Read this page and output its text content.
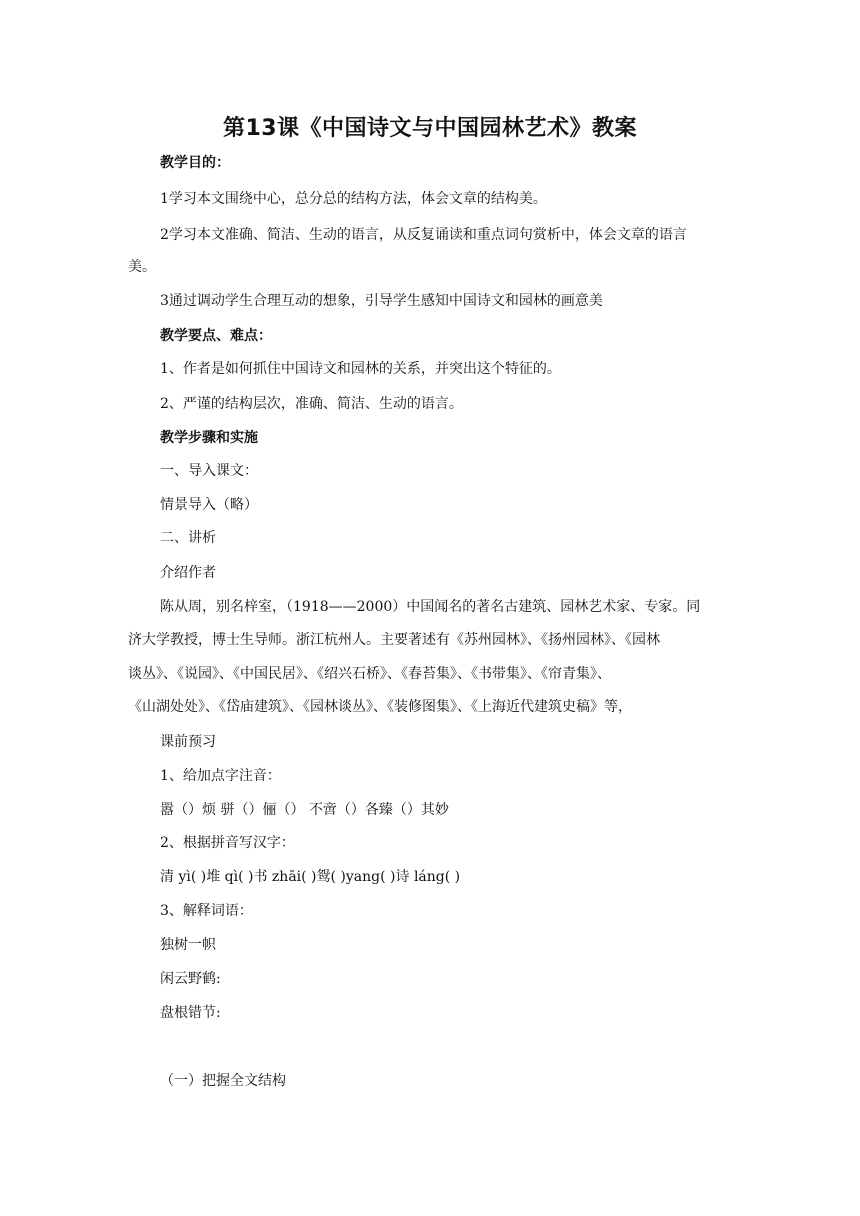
第13课《中国诗文与中国园林艺术》教案
教学目的：
1学习本文围绕中心，总分总的结构方法，体会文章的结构美。
2学习本文准确、简洁、生动的语言，从反复诵读和重点词句赏析中，体会文章的语言
美。
3通过调动学生合理互动的想象，引导学生感知中国诗文和园林的画意美
教学要点、难点：
1、作者是如何抓住中国诗文和园林的关系，并突出这个特征的。
2、严谨的结构层次，准确、简洁、生动的语言。
教学步骤和实施
一、导入课文：
情景导入（略）
二、讲析
介绍作者
陈从周，别名梓室，（1918——2000）中国闻名的著名古建筑、园林艺术家、专家。同
济大学教授，博士生导师。浙江杭州人。主要著述有《苏州园林》、《扬州园林》、《园林
谈丛》、《说园》、《中国民居》、《绍兴石桥》、《春苔集》、《书带集》、《帘青集》、
《山湖处处》、《岱庙建筑》、《园林谈丛》、《装修图集》、《上海近代建筑史稿》等，
课前预习
1、给加点字注音：
嚣（）烦 骈（）俪（） 不啻（）各臻（）其妙
2、根据拼音写汉字：
清 yì( )堆 qì( )书 zhāi( )鸳( )yang( )诗 láng( )
3、解释词语：
独树一帜
闲云野鹤:
盘根错节:
（一）把握全文结构
